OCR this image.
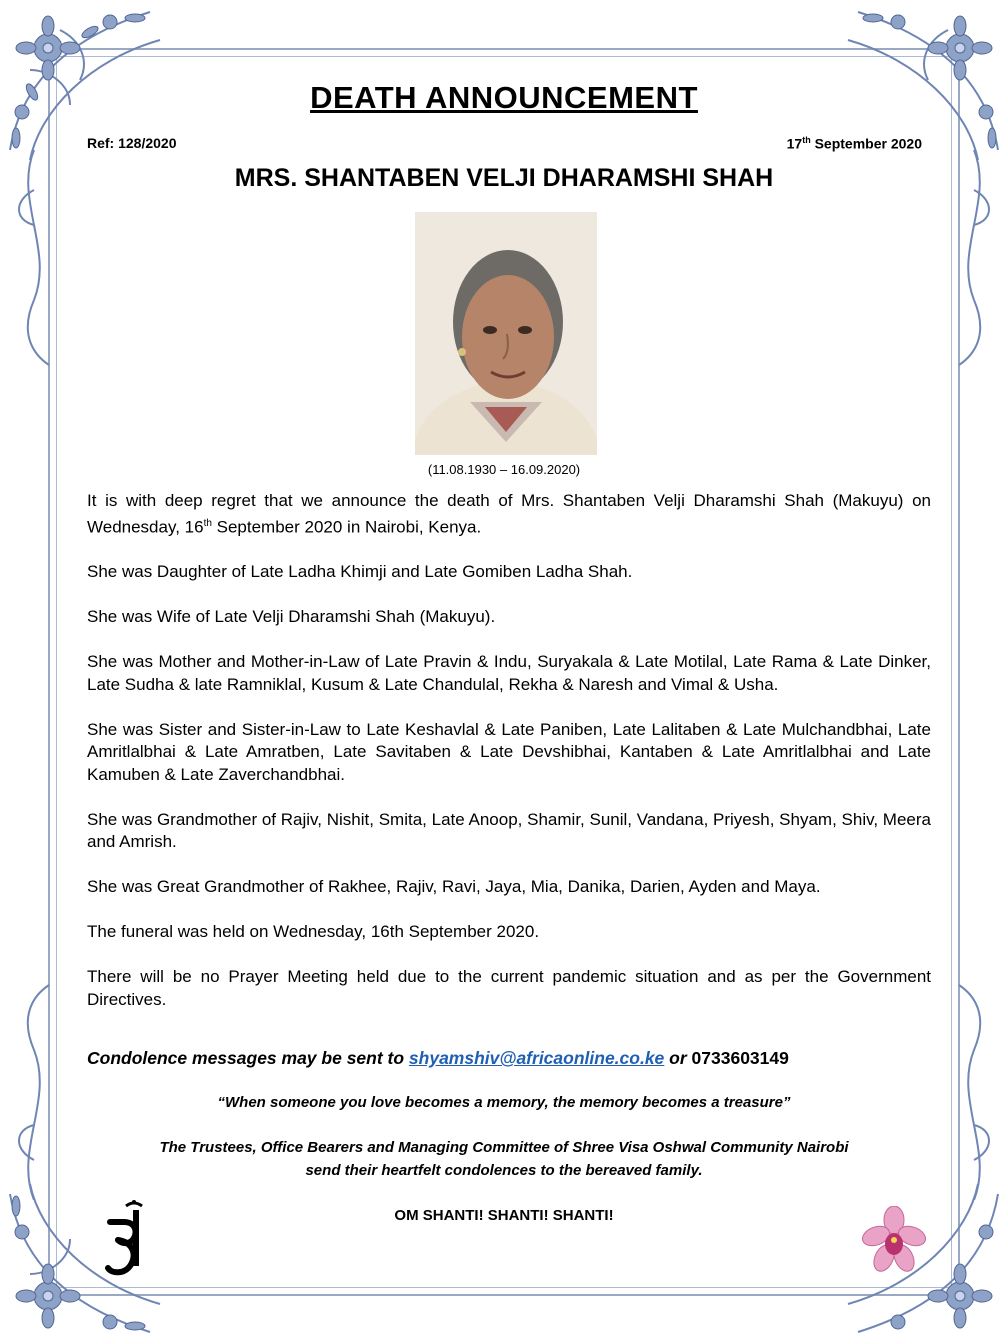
DEATH ANNOUNCEMENT
Ref: 128/2020	17th September 2020
MRS. SHANTABEN VELJI DHARAMSHI SHAH
(11.08.1930 – 16.09.2020)

It is with deep regret that we announce the death of Mrs. Shantaben Velji Dharamshi Shah (Makuyu) on Wednesday, 16th September 2020 in Nairobi, Kenya.

She was Daughter of Late Ladha Khimji and Late Gomiben Ladha Shah.

She was Wife of Late Velji Dharamshi Shah (Makuyu).

She was Mother and Mother-in-Law of Late Pravin & Indu, Suryakala & Late Motilal, Late Rama & Late Dinker, Late Sudha & late Ramniklal, Kusum & Late Chandulal, Rekha & Naresh and Vimal & Usha.

She was Sister and Sister-in-Law to Late Keshavlal & Late Paniben, Late Lalitaben & Late Mulchandbhai, Late Amritlalbhai & Late Amratben, Late Savitaben & Late Devshibhai, Kantaben & Late Amritlalbhai and Late Kamuben & Late Zaverchandbhai.

She was Grandmother of Rajiv, Nishit, Smita, Late Anoop, Shamir, Sunil, Vandana, Priyesh, Shyam, Shiv, Meera and Amrish.

She was Great Grandmother of Rakhee, Rajiv, Ravi, Jaya, Mia, Danika, Darien, Ayden and Maya.

The funeral was held on Wednesday, 16th September 2020.

There will be no Prayer Meeting held due to the current pandemic situation and as per the Government Directives.

Condolence messages may be sent to shyamshiv@africaonline.co.ke or 0733603149
“When someone you love becomes a memory, the memory becomes a treasure”
The Trustees, Office Bearers and Managing Committee of Shree Visa Oshwal Community Nairobi
send their heartfelt condolences to the bereaved family.
OM SHANTI! SHANTI! SHANTI!
